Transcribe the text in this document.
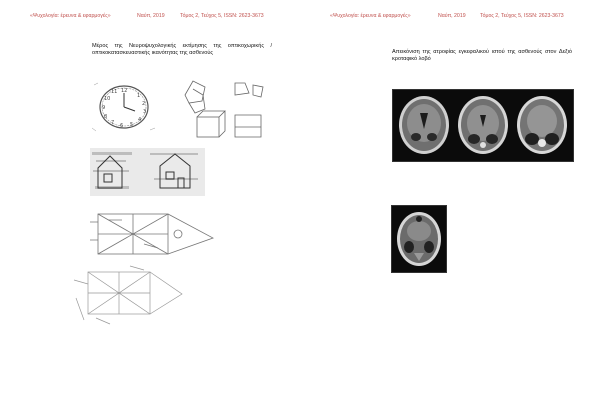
«Ψυχολογία: έρευνα & εφαρμογές»	Ναύπ, 2019	Τόμος 2, Τεύχος 5, ISSN: 2623-3673
Μέρος της Νευροψυχολογικής εκτίμησης της οπτικοχωρικής / οπτικοκατασκευαστικής ικανότητας της ασθενούς
12
1
2
3
4
5
6
7
8
9
10
11
«Ψυχολογία: έρευνα & εφαρμογές»	Ναύπ, 2019	Τόμος 2, Τεύχος 5, ISSN: 2623-3673
Απεικόνιση της ατροφίας εγκεφαλικού ιστού της ασθενούς στον Δεξιό κροταφικό λοβό
